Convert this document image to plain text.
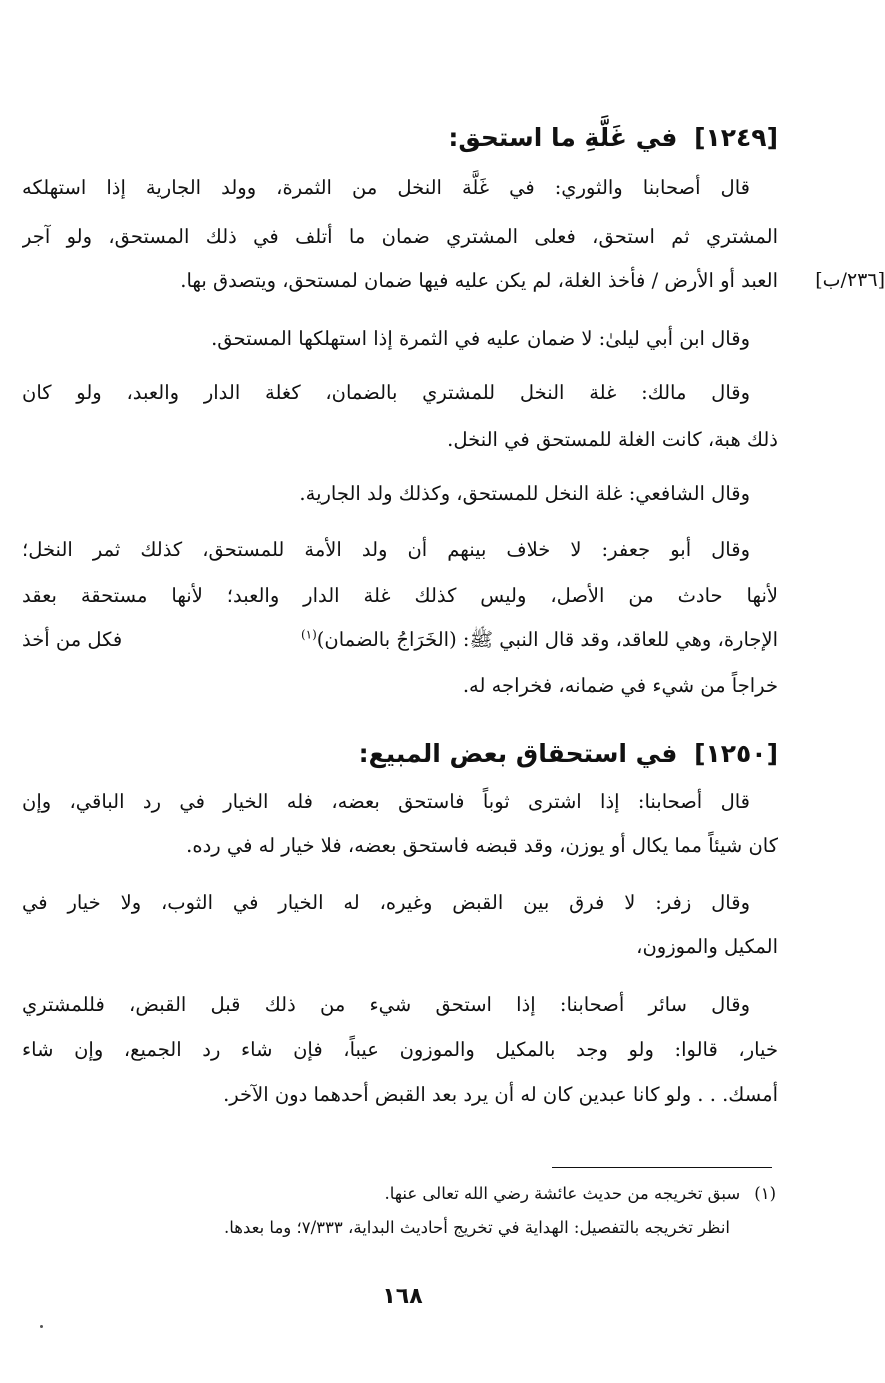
[١٢٤٩] في غَلَّةِ ما استحق:
قال أصحابنا والثوري: في غَلَّة النخل من الثمرة، وولد الجارية إذا استهلكه
المشتري ثم استحق، فعلى المشتري ضمان ما أتلف في ذلك المستحق، ولو آجر
العبد أو الأرض / فأخذ الغلة، لم يكن عليه فيها ضمان لمستحق، ويتصدق بها.
وقال ابن أبي ليلىٰ: لا ضمان عليه في الثمرة إذا استهلكها المستحق.
وقال مالك: غلة النخل للمشتري بالضمان، كغلة الدار والعبد، ولو كان
ذلك هبة، كانت الغلة للمستحق في النخل.
وقال الشافعي: غلة النخل للمستحق، وكذلك ولد الجارية.
وقال أبو جعفر: لا خلاف بينهم أن ولد الأمة للمستحق، كذلك ثمر النخل؛
لأنها حادث من الأصل، وليس كذلك غلة الدار والعبد؛ لأنها مستحقة بعقد
الإجارة، وهي للعاقد، وقد قال النبي ﷺ: (الخَرَاجُ بالضمان)$^{(١)}$
فكل من أخذ
خراجاً من شيء في ضمانه، فخراجه له.
[١٢٥٠] في استحقاق بعض المبيع:
قال أصحابنا: إذا اشترى ثوباً فاستحق بعضه، فله الخيار في رد الباقي، وإن
كان شيئاً مما يكال أو يوزن، وقد قبضه فاستحق بعضه، فلا خيار له في رده.
وقال زفر: لا فرق بين القبض وغيره، له الخيار في الثوب، ولا خيار في
المكيل والموزون،
وقال سائر أصحابنا: إذا استحق شيء من ذلك قبل القبض، فللمشتري
خيار، قالوا: ولو وجد بالمكيل والموزون عيباً، فإن شاء رد الجميع، وإن شاء
أمسك. . . ولو كانا عبدين كان له أن يرد بعد القبض أحدهما دون الآخر.
[٢٣٦/ب]
(١)سبق تخريجه من حديث عائشة رضي الله تعالى عنها.
انظر تخريجه بالتفصيل: الهداية في تخريج أحاديث البداية، ٧/٣٣٣؛ وما بعدها.
١٦٨
